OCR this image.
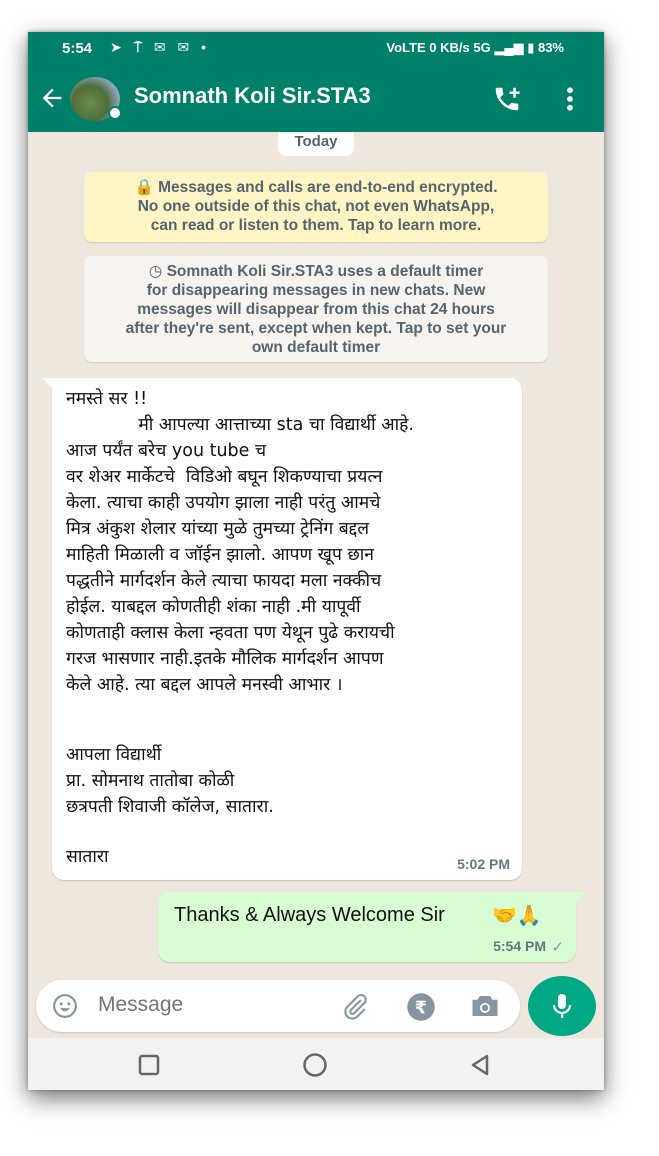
5:54 ➤ ⍑ ✉ ✉ •	VoLTE 0 KB/s 5G ▂▄▆ ▮ 83%
Somnath Koli Sir.STA3
Today
🔒 Messages and calls are end-to-end encrypted.
No one outside of this chat, not even WhatsApp,
can read or listen to them. Tap to learn more.
◷ Somnath Koli Sir.STA3 uses a default timer
for disappearing messages in new chats. New
messages will disappear from this chat 24 hours
after they're sent, except when kept. Tap to set your
own default timer
नमस्ते सर !!
मी आपल्या आत्ताच्या sta चा विद्यार्थी आहे.
आज पर्यंत बरेच you tube च
वर शेअर मार्केटचे  विडिओ बघून शिकण्याचा प्रयत्न
केला. त्याचा काही उपयोग झाला नाही परंतु आमचे
मित्र अंकुश शेलार यांच्या मुळे तुमच्या ट्रेनिंग बद्दल
माहिती मिळाली व जॉईन झालो. आपण खूप छान
पद्धतीने मार्गदर्शन केले त्याचा फायदा मला नक्कीच
होईल. याबद्दल कोणतीही शंका नाही .मी यापूर्वी
कोणताही क्लास केला न्हवता पण येथून पुढे करायची
गरज भासणार नाही.इतके मौलिक मार्गदर्शन आपण
केले आहे. त्या बद्दल आपले मनस्वी आभार ।
आपला विद्यार्थी
प्रा. सोमनाथ तातोबा कोळी
छत्रपती शिवाजी कॉलेज, सातारा.
सातारा	5:02 PM
Thanks & Always Welcome Sir 🤝🙏
5:54 PM ✓
Message
₹
